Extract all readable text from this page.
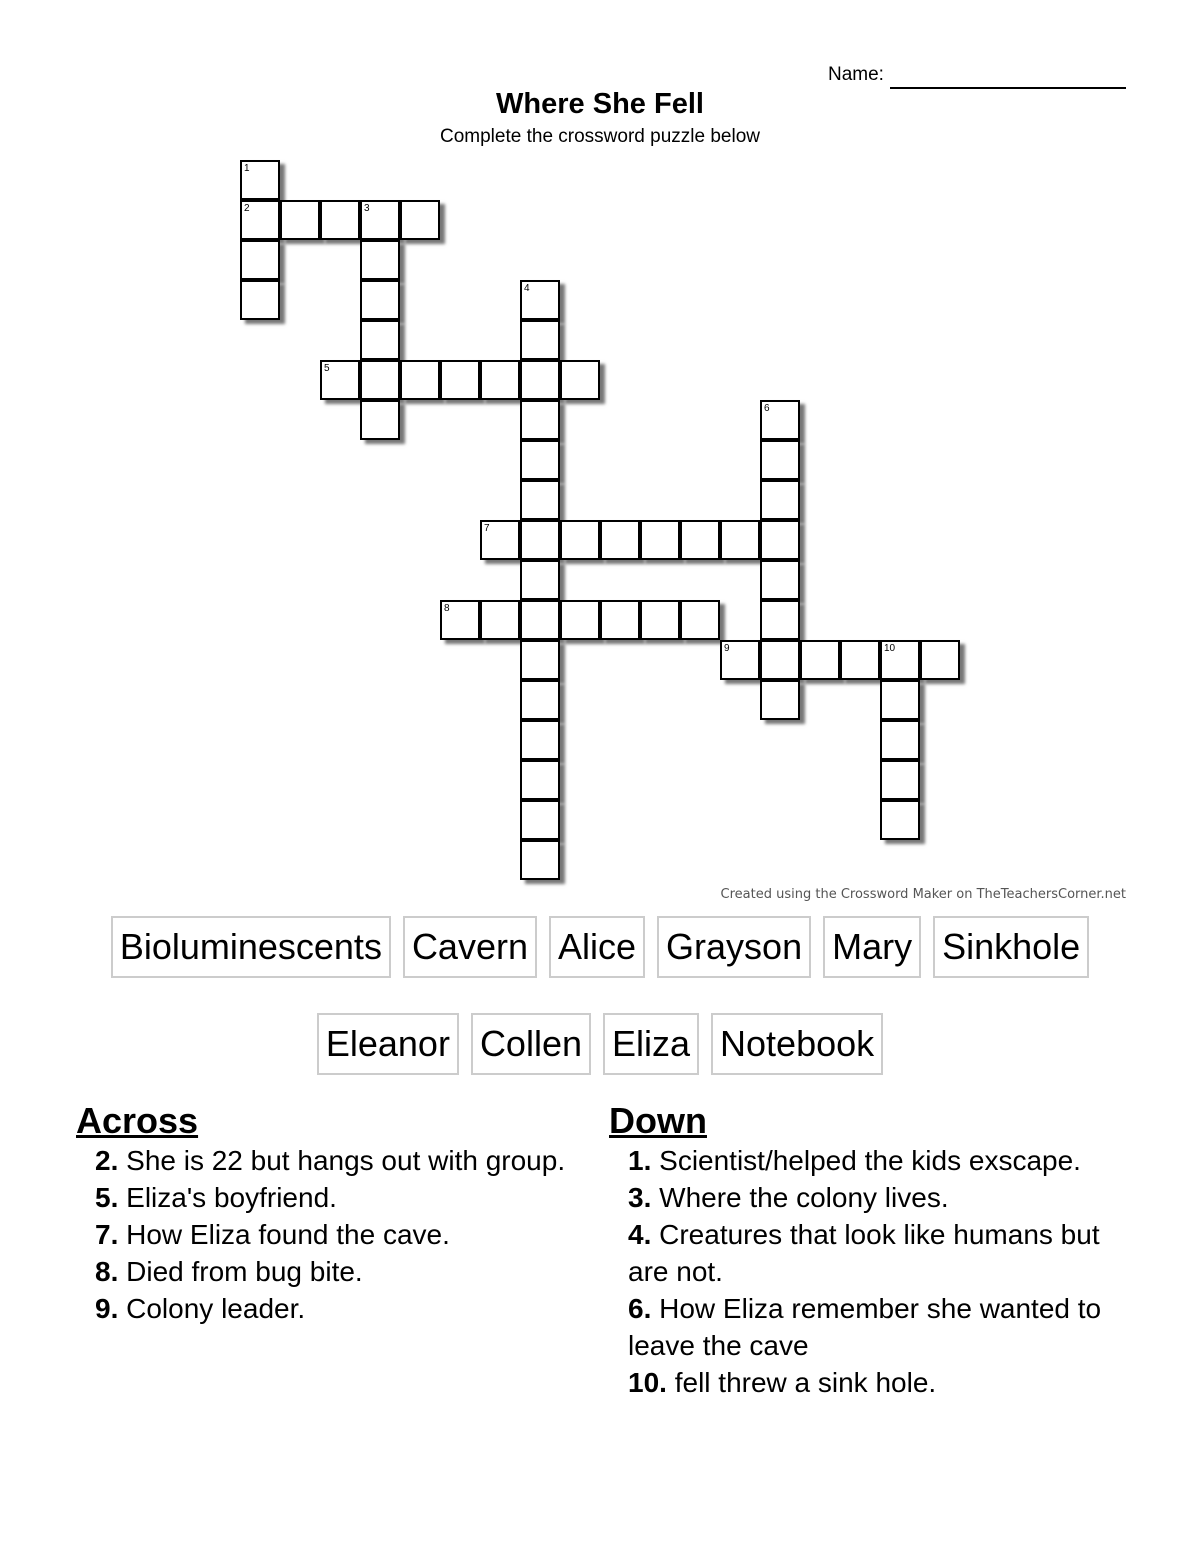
Name:
Where She Fell
Complete the crossword puzzle below
1
2	3
4
5
6
7
8
9	10
Created using the Crossword Maker on TheTeachersCorner.net
Bioluminescents Cavern Alice Grayson Mary Sinkhole
Eleanor Collen Eliza Notebook
Across
2. She is 22 but hangs out with group.
5. Eliza's boyfriend.
7. How Eliza found the cave.
8. Died from bug bite.
9. Colony leader.
Down
1. Scientist/helped the kids exscape.
3. Where the colony lives.
4. Creatures that look like humans but are not.
6. How Eliza remember she wanted to leave the cave
10. fell threw a sink hole.
